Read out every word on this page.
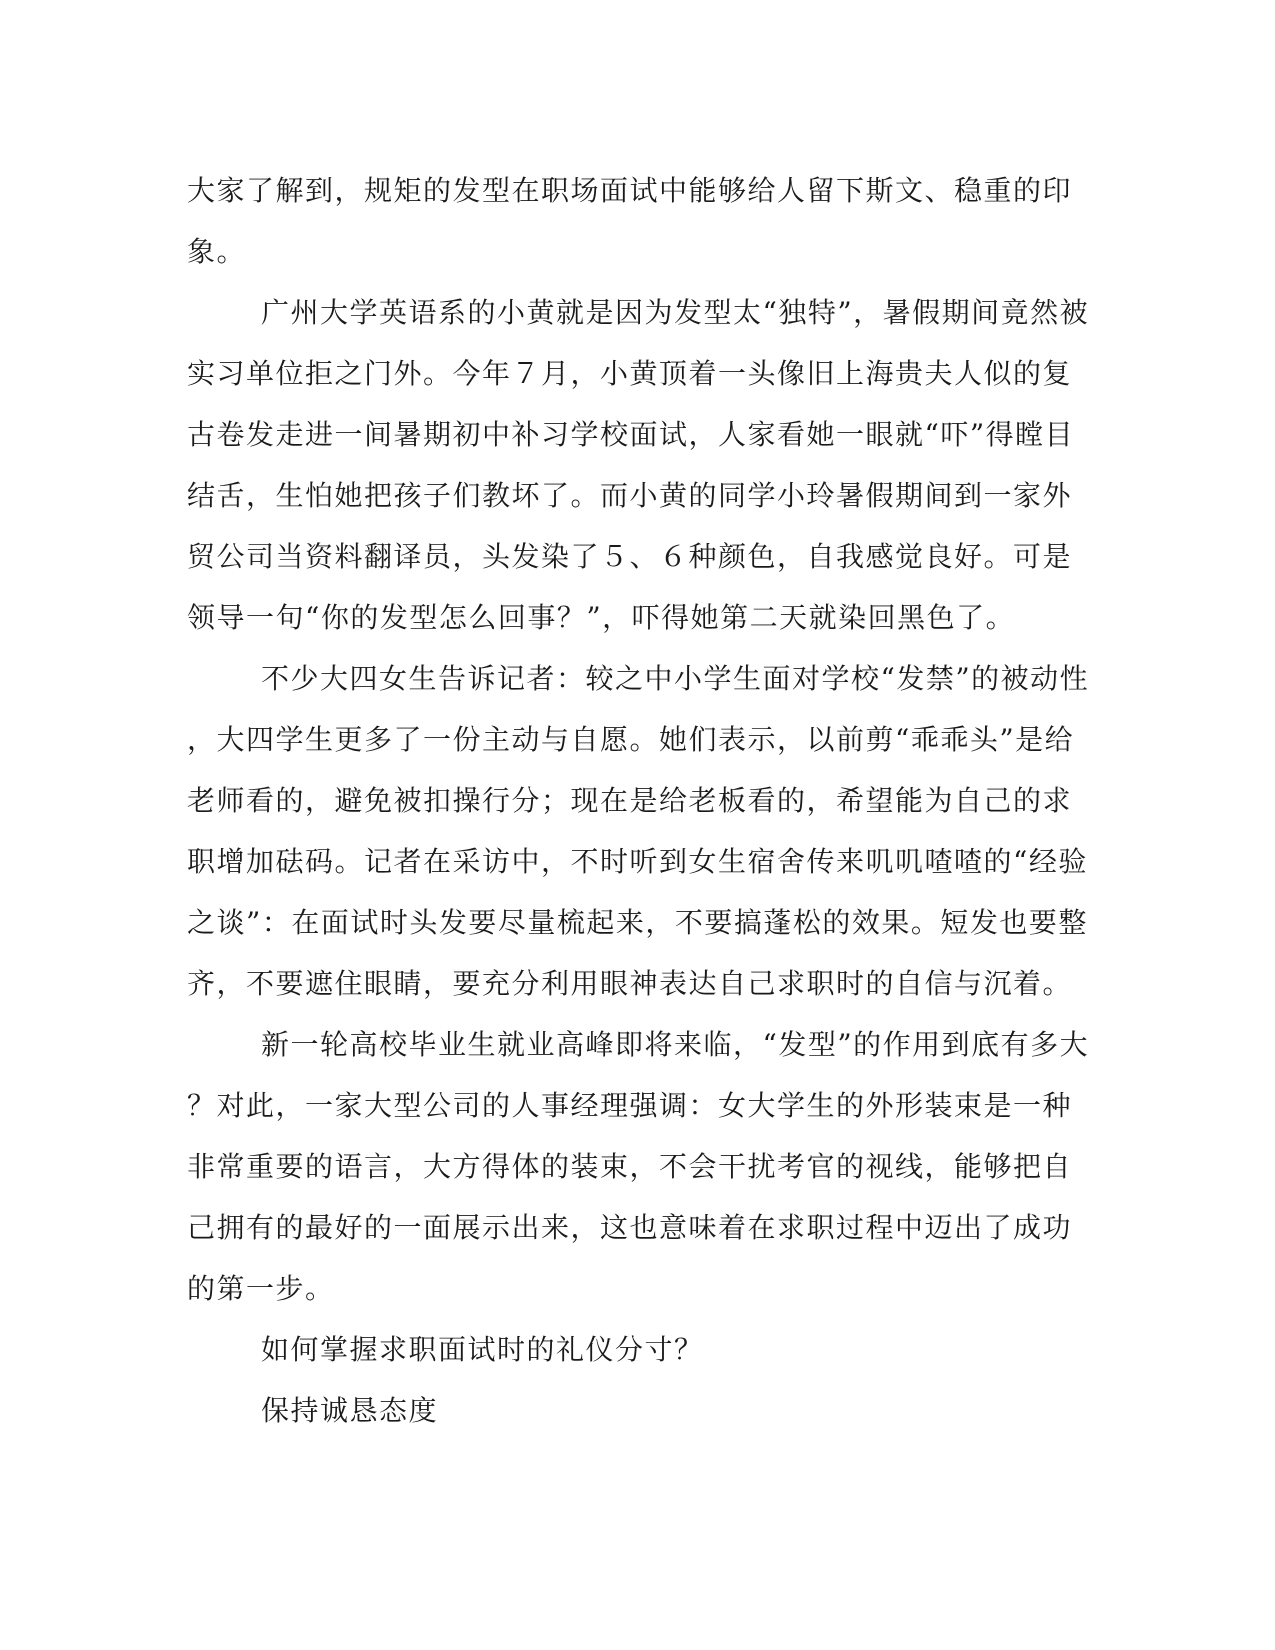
大家了解到，规矩的发型在职场面试中能够给人留下斯文、稳重的印
象。
广州大学英语系的小黄就是因为发型太“独特”，暑假期间竟然被
实习单位拒之门外。今年７月，小黄顶着一头像旧上海贵夫人似的复
古卷发走进一间暑期初中补习学校面试，人家看她一眼就“吓”得瞠目
结舌，生怕她把孩子们教坏了。而小黄的同学小玲暑假期间到一家外
贸公司当资料翻译员，头发染了５、６种颜色，自我感觉良好。可是
领导一句“你的发型怎么回事？”，吓得她第二天就染回黑色了。
不少大四女生告诉记者：较之中小学生面对学校“发禁”的被动性
，大四学生更多了一份主动与自愿。她们表示，以前剪“乖乖头”是给
老师看的，避免被扣操行分；现在是给老板看的，希望能为自己的求
职增加砝码。记者在采访中，不时听到女生宿舍传来叽叽喳喳的“经验
之谈”：在面试时头发要尽量梳起来，不要搞蓬松的效果。短发也要整
齐，不要遮住眼睛，要充分利用眼神表达自己求职时的自信与沉着。
新一轮高校毕业生就业高峰即将来临，“发型”的作用到底有多大
？对此，一家大型公司的人事经理强调：女大学生的外形装束是一种
非常重要的语言，大方得体的装束，不会干扰考官的视线，能够把自
己拥有的最好的一面展示出来，这也意味着在求职过程中迈出了成功
的第一步。
如何掌握求职面试时的礼仪分寸？
保持诚恳态度
